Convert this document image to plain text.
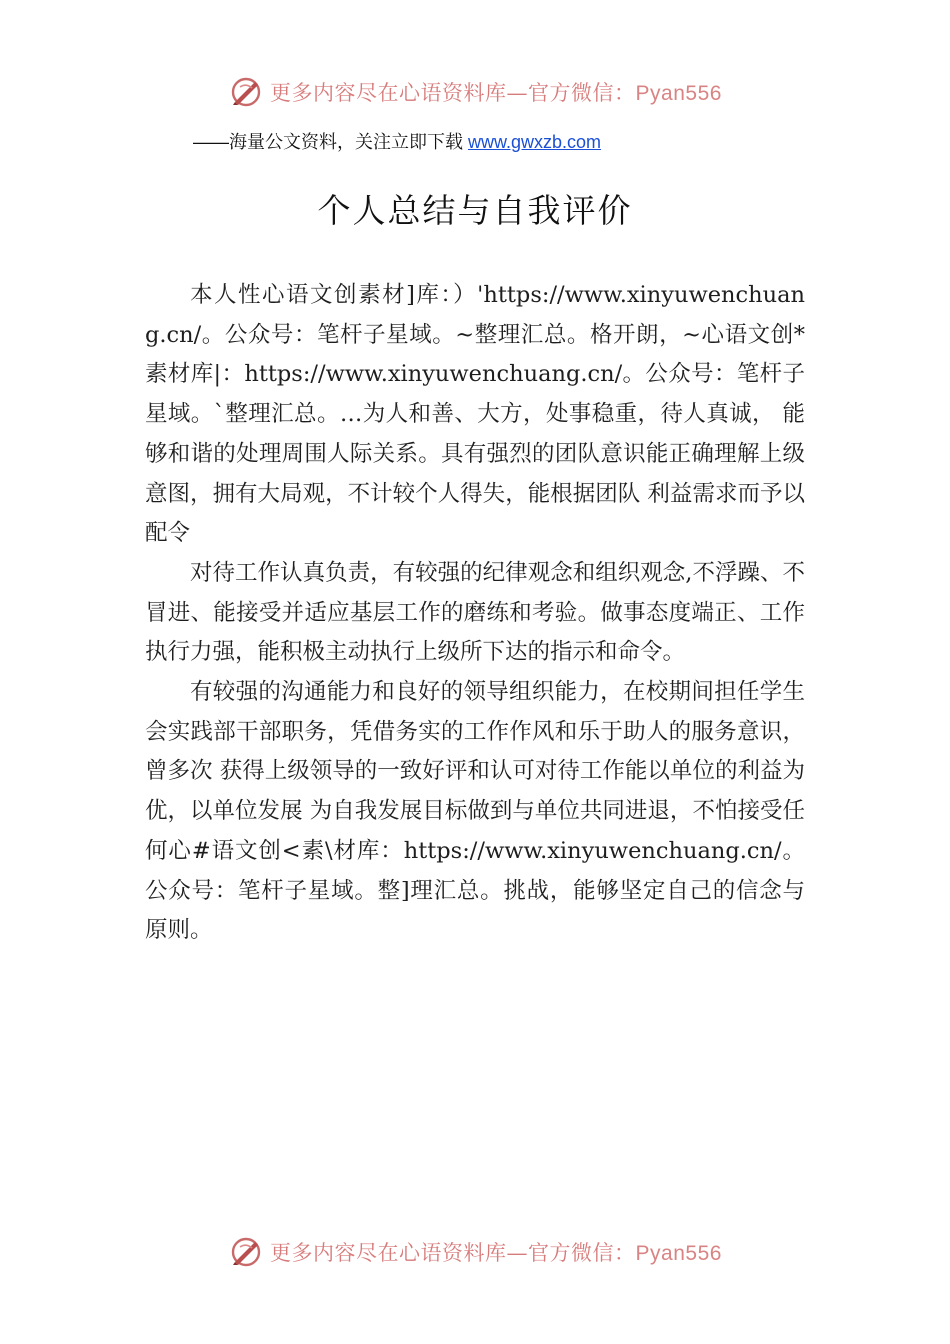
更多内容尽在心语资料库—官方微信：Pyan556
——海量公文资料，关注立即下载 www.gwxzb.com
个人总结与自我评价

本人性心语文创素材]库：）'https://www.xinyuwenchuang.cn/。公众号：笔杆子星域。~整理汇总。格开朗，~心语文创*素材库|：https://www.xinyuwenchuang.cn/。公众号：笔杆子星域。`整理汇总。…为人和善、大方，处事稳重，待人真诚， 能够和谐的处理周围人际关系。具有强烈的团队意识能正确理解上级意图，拥有大局观，不计较个人得失，能根据团队 利益需求而予以配令

对待工作认真负责，有较强的纪律观念和组织观念,不浮躁、不冒进、能接受并适应基层工作的磨练和考验。做事态度端正、工作执行力强，能积极主动执行上级所下达的指示和命令。

有较强的沟通能力和良好的领导组织能力，在校期间担任学生会实践部干部职务，凭借务实的工作作风和乐于助人的服务意识，曾多次 获得上级领导的一致好评和认可对待工作能以单位的利益为优，以单位发展 为自我发展目标做到与单位共同进退，不怕接受任何心#语文创<素\材库：https://www.xinyuwenchuang.cn/。公众号：笔杆子星域。整]理汇总。挑战，能够坚定自己的信念与原则。

更多内容尽在心语资料库—官方微信：Pyan556
